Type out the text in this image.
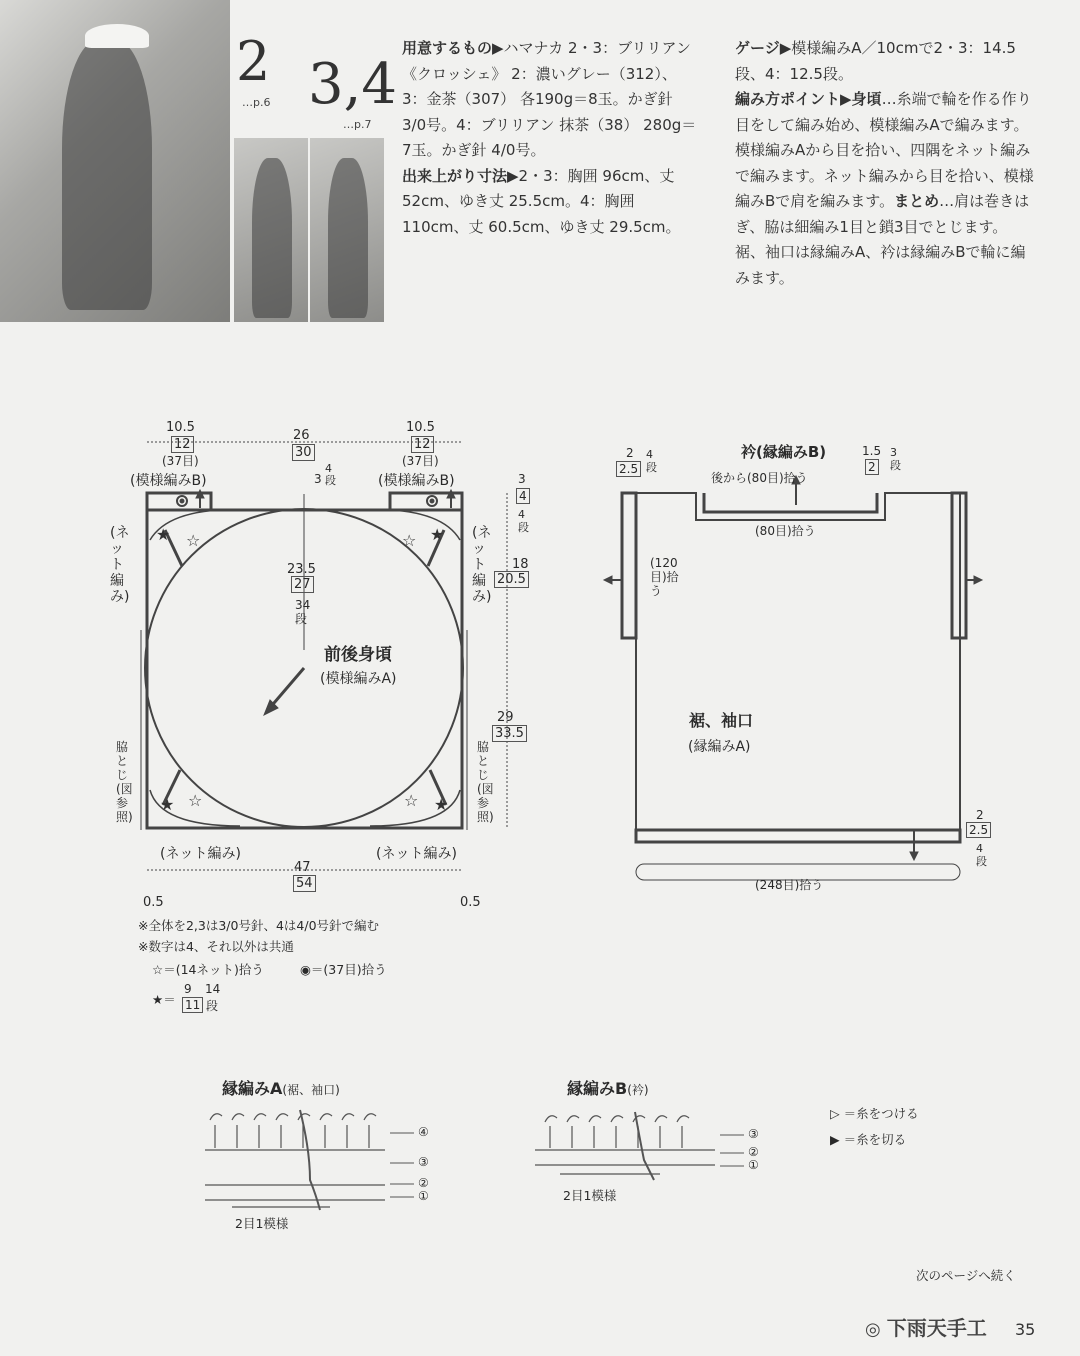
2
…p.6 3,4
…p.7

用意するもの▶ハマナカ 2・3：ブリリアン《クロッシェ》 2：濃いグレー（312）、3：金茶（307） 各190g＝8玉。かぎ針 3/0号。4：ブリリアン 抹茶（38） 280g＝7玉。かぎ針 4/0号。

出来上がり寸法▶2・3：胸囲 96cm、丈52cm、ゆき丈 25.5cm。4：胸囲 110cm、丈 60.5cm、ゆき丈 29.5cm。

ゲージ▶模様編みA／10cmで2・3：14.5段、4：12.5段。

編み方ポイント▶身頃…糸端で輪を作る作り目をして編み始め、模様編みAで編みます。模様編みAから目を拾い、四隅をネット編みで編みます。ネット編みから目を拾い、模様編みBで肩を編みます。まとめ…肩は巻きはぎ、脇は細編み1目と鎖3目でとじます。裾、袖口は縁編みA、衿は縁編みBで輪に編みます。

★ ☆	☆ ★
★ ☆	☆ ★
10.5
12
(37目)
(模様編みB)
26
30
10.5
12
(37目)
(模様編みB)
3
4段
23.5
27
34段
前後身頃
(模様編みA)
(ネット編み)
(ネット編み)
(ネット編み)	(ネット編み)
脇とじ(図参照)
脇とじ(図参照)
3
4
4段
18
20.5
29
33.5
47
54
0.5	0.5
※全体を2,3は3/0号針、4は4/0号針で編む
※数字は4、それ以外は共通
☆＝(14ネット)拾う	◉＝(37目)拾う
★＝
9
11
14
段
衿(縁編みB)
2
2.5
4段
1.5
2
3段
後から(80目)拾う
(80目)拾う
(120目)拾う
裾、袖口
(縁編みA)
2
2.5
4段
(248目)拾う
縁編みA(裾、袖口)
2目1模様
縁編みB(衿)
2目1模様
④
③
②
①
③
②
①
▷ ＝糸をつける
▶ ＝糸を切る
次のページへ続く
◎ 下雨天手工 35
